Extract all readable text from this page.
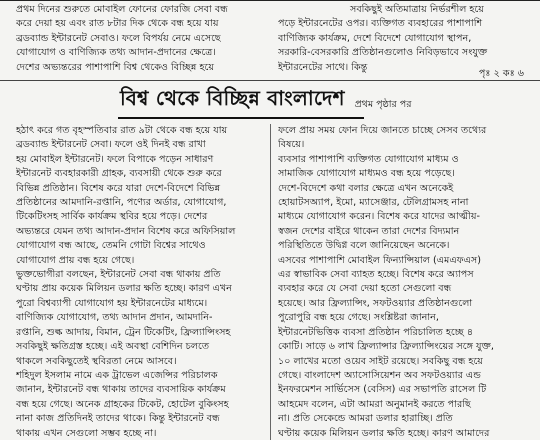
প্রথম দিনের শুরুতে মোবাইল ফোনের ফোরজি সেবা বন্ধ
করে দেয়া হয় এবং রাত ৮টার দিক থেকে বন্ধ হয়ে যায়
ব্রডব্যান্ড ইন্টারনেট সেবাও। ফলে বিপর্যয় নেমে এসেছে
যোগাযোগ ও বাণিজ্যিক তথ্য আদান-প্রদানের ক্ষেত্রে।
দেশের অভ্যন্তরের পাশাপাশি বিশ্ব থেকেও বিচ্ছিন্ন হয়ে
সবকিছুই অতিমাত্রায় নির্ভরশীল হয়ে
পড়ে ইন্টারনেটের ওপর। ব্যক্তিগত ব্যবহারের পাশাপাশি
বাণিজ্যিক কার্যক্রম, দেশে বিদেশে যোগাযোগ স্থাপন,
সরকারি-বেসরকারি প্রতিষ্ঠানগুলোও নিবিড়ভাবে সংযুক্ত
ইন্টারনেটের সাথে। কিন্তু
পৃঃ ২ কঃ ৬
বিশ্ব থেকে বিচ্ছিন্ন বাংলাদেশ প্রথম পৃষ্ঠার পর
হঠাৎ করে গত বৃহস্পতিবার রাত ৯টা থেকে বন্ধ হয়ে যায়
ব্রডব্যান্ড ইন্টারনেট সেবা। ফলে ওই দিনই বন্ধ রাখা
হয় মোবাইল ইন্টারনেট। ফলে বিপাকে পড়েন সাধারণ
ইন্টারনেট ব্যবহারকারী গ্রাহক, ব্যবসায়ী থেকে শুরু করে
বিভিন্ন প্রতিষ্ঠান। বিশেষ করে যারা দেশে-বিদেশে বিভিন্ন
প্রতিষ্ঠানের আমদানি-রপ্তানি, পণ্যের অর্ডার, যোগাযোগ,
টিকেটিংসহ সার্বিক কার্যক্রম স্থবির হয়ে পড়ে। দেশের
অভ্যন্তরে যেমন তথ্য আদান-প্রদান বিশেষ করে অফিসিয়াল
যোগাযোগ বন্ধ আছে, তেমনি গোটা বিশ্বের সাথেও
যোগাযোগ প্রায় বন্ধ হয়ে গেছে।
ভুক্তভোগীরা বলছেন, ইন্টারনেট সেবা বন্ধ থাকায় প্রতি
ঘণ্টায় প্রায় কয়েক মিলিয়ন ডলার ক্ষতি হচ্ছে। কারণ এখন
পুরো বিশ্বব্যাপী যোগাযোগ হয় ইন্টারনেটের মাধ্যমে।
বাণিজ্যিক যোগাযোগ, তথ্য আদান প্রদান, আমদানি-
রপ্তানি, শুল্ক আদায়, বিমান, ট্রেন টিকেটিং, ফ্রিল্যান্সিংসহ
সবকিছুই ক্ষতিগ্রস্ত হচ্ছে। এই অবস্থা বেশিদিন চলতে
থাকলে সবকিছুতেই স্থবিরতা নেমে আসবে।
শহিদুল ইসলাম নামে এক ট্রাভেল এজেন্সির পরিচালক
জানান, ইন্টারনেট বন্ধ থাকায় তাদের ব্যবসায়িক কার্যক্রম
বন্ধ হয়ে গেছে। অনেক গ্রাহকের টিকেট, হোটেল বুকিংসহ
নানা কাজ প্রতিদিনই তাদের থাকে। কিন্তু ইন্টারনেট বন্ধ
থাকায় এখন সেগুলো সম্ভব হচ্ছে না।
ফলে প্রায় সময় ফোন দিয়ে জানতে চাচ্ছে সেসব তথ্যের
বিষয়ে।
ব্যবসার পাশাপাশি ব্যক্তিগত যোগাযোগ মাধ্যম ও
সামাজিক যোগাযোগ মাধ্যমও বন্ধ হয়ে পড়েছে।
দেশে-বিদেশে কথা বলার ক্ষেত্রে এখন অনেকেই
হোয়াটসঅ্যাপ, ইমো, ম্যাসেঞ্জার, টেলিগ্রামসহ নানা
মাধ্যমে যোগাযোগ করেন। বিশেষ করে যাদের আত্মীয়-
স্বজন দেশের বাইরে থাকেন তারা দেশের বিদ্যমান
পরিস্থিতিতে উদ্বিগ্ন বলে জানিয়েছেন অনেকে।
এসবের পাশাপাশি মোবাইল ফিন্যান্সিয়াল (এমএফএস)
এর স্বাভাবিক সেবা ব্যাহত হচ্ছে। বিশেষ করে অ্যাপস
ব্যবহার করে যে সেবা দেয়া হতো সেগুলো বন্ধ
হয়েছে। আর ফ্রিল্যান্সিং, সফটওয়্যার প্রতিষ্ঠানগুলো
পুরোপুরি বন্ধ হয়ে গেছে। সংশ্লিষ্টরা জানান,
ইন্টারনেটভিত্তিক ব্যবসা প্রতিষ্ঠান পরিচালিত হচ্ছে ৪
কোটি। সাড়ে ৬ লাখ ফ্রিল্যান্সার ফ্রিল্যান্সিংয়ের সঙ্গে যুক্ত,
১০ লাখের মতো ওয়েব সাইট রয়েছে। সবকিছু বন্ধ হয়ে
গেছে। বাংলাদেশ অ্যাসোসিয়েশন অব সফটওয়্যার এন্ড
ইনফরমেশন সার্ভিসেস (বেসিস) এর সভাপতি রাসেল টি
আহমেদ বলেন, এটা আমরা অনুমানই করতে পারছি
না। প্রতি সেকেন্ডে আমরা ডলার হারাচ্ছি। প্রতি
ঘণ্টায় কয়েক মিলিয়ন ডলার ক্ষতি হচ্ছে। কারণ আমাদের
